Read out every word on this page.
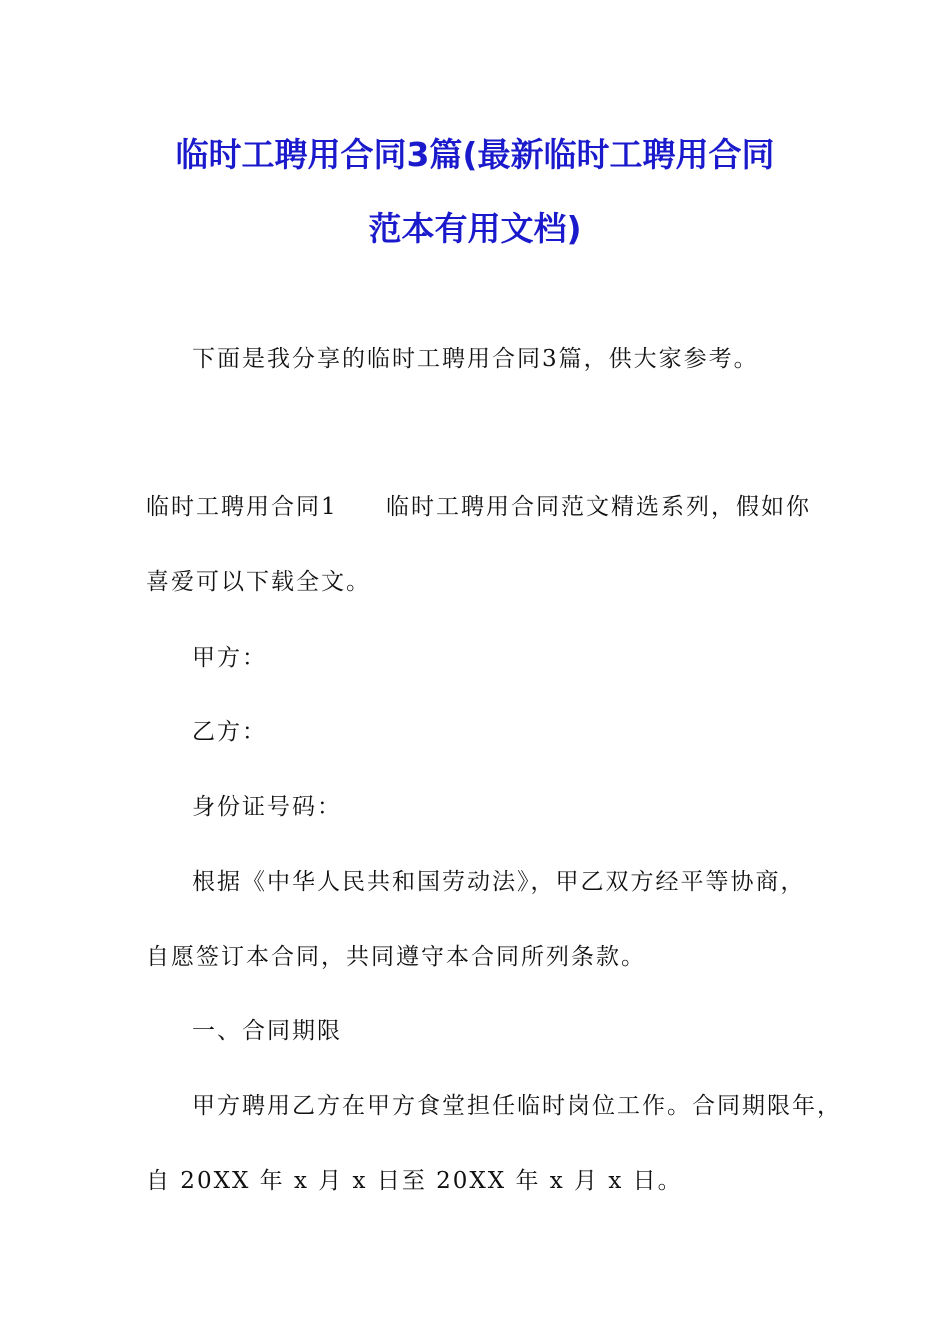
临时工聘用合同3篇(最新临时工聘用合同
范本有用文档)
下面是我分享的临时工聘用合同3篇，供大家参考。
临时工聘用合同1 临时工聘用合同范文精选系列，假如你
喜爱可以下载全文。
甲方：
乙方：
身份证号码：
根据《中华人民共和国劳动法》，甲乙双方经平等协商，
自愿签订本合同，共同遵守本合同所列条款。
一、合同期限
甲方聘用乙方在甲方食堂担任临时岗位工作。合同期限年，
自 20XX 年 x 月 x 日至 20XX 年 x 月 x 日。
